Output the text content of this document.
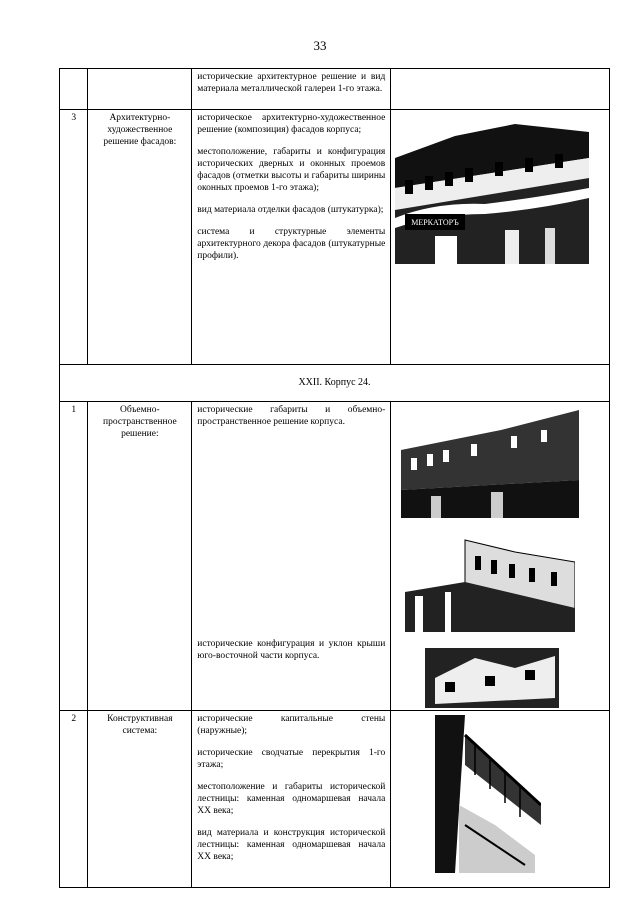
33

		исторические архитектурное решение и вид материала металлической галереи 1-го этажа.	

3	Архитектурно-художественное решение фасадов:	историческое архитектурно-художественное решение (композиция) фасадов корпуса;

местоположение, габариты и конфигурация исторических дверных и оконных проемов фасадов (отметки высоты и габариты ширины оконных проемов 1-го этажа);

вид материала отделки фасадов (штукатурка);

система и структурные элементы архитектурного декора фасадов (штукатурные профили).	МЕРКАТОРЪ

XXII. Корпус 24.			
1	Объемно-пространственное решение:	исторические габариты и объемно-пространственное решение корпуса.

исторические конфигурация и уклон крыши юго-восточной части корпуса.

2	Конструктивная система:	исторические капитальные стены (наружные);

исторические сводчатые перекрытия 1-го этажа;

местоположение и габариты исторической лестницы: каменная одномаршевая начала XX века;

вид материала и конструкция исторической лестницы: каменная одномаршевая начала XX века;
